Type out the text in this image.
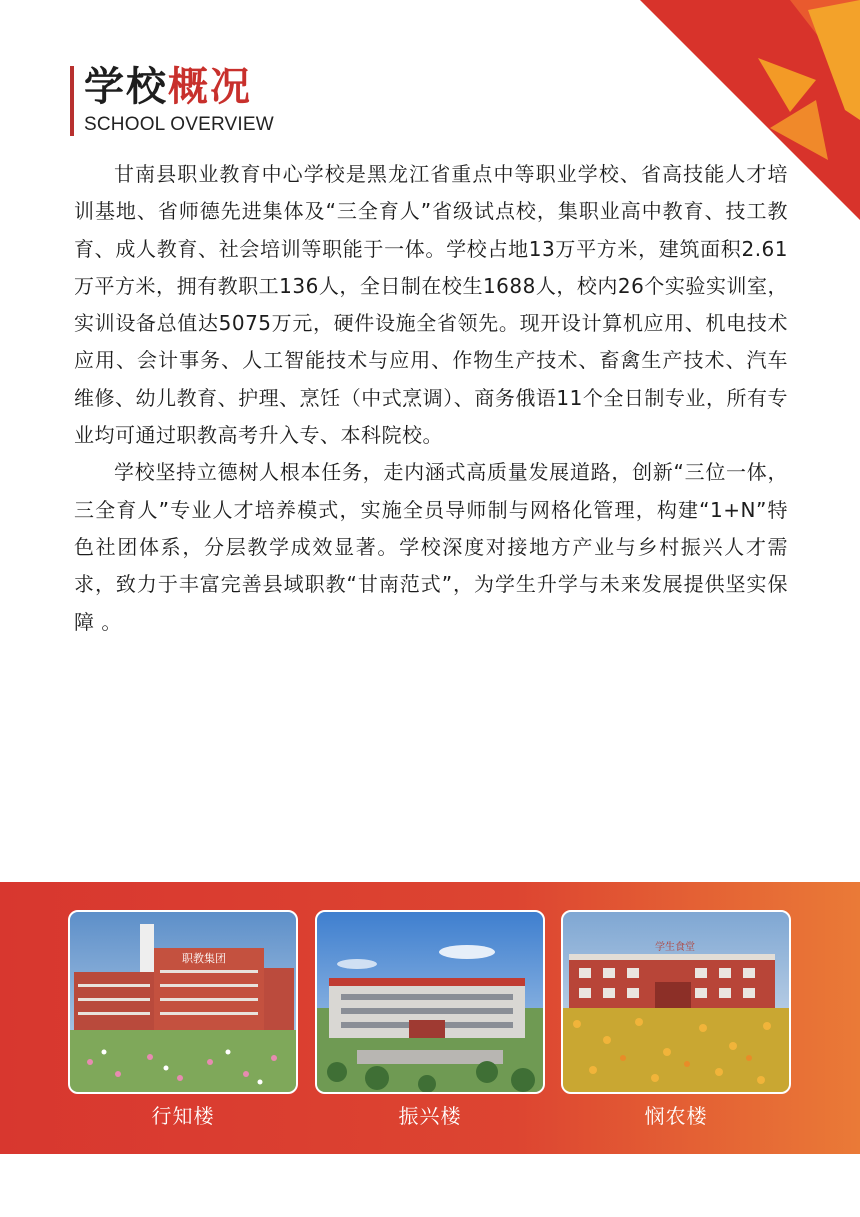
学校概况
SCHOOL OVERVIEW

甘南县职业教育中心学校是黑龙江省重点中等职业学校、省高技能人才培训基地、省师德先进集体及“三全育人”省级试点校，集职业高中教育、技工教育、成人教育、社会培训等职能于一体。学校占地13万平方米，建筑面积2.61万平方米，拥有教职工136人，全日制在校生1688人，校内26个实验实训室，实训设备总值达5075万元，硬件设施全省领先。现开设计算机应用、机电技术应用、会计事务、人工智能技术与应用、作物生产技术、畜禽生产技术、汽车维修、幼儿教育、护理、烹饪（中式烹调）、商务俄语11个全日制专业，所有专业均可通过职教高考升入专、本科院校。

学校坚持立德树人根本任务，走内涵式高质量发展道路，创新“三位一体，三全育人”专业人才培养模式，实施全员导师制与网格化管理，构建“1+N”特色社团体系，分层教学成效显著。学校深度对接地方产业与乡村振兴人才需求，致力于丰富完善县域职教“甘南范式”，为学生升学与未来发展提供坚实保障 。

职教集团
行知楼	振兴楼
学生食堂
悯农楼
